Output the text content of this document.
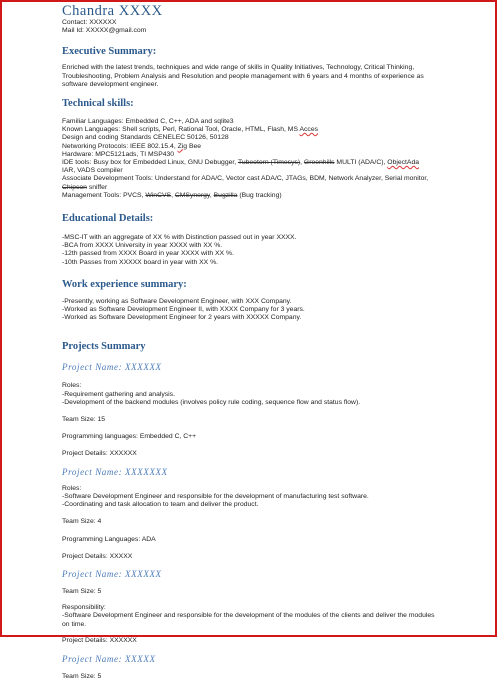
Chandra XXXX
Contact: XXXXXX
Mail Id: XXXXX@gmail.com
Executive Summary:
Enriched with the latest trends, techniques and wide range of skills in Quality Initiatives, Technology, Critical Thinking, Troubleshooting, Problem Analysis and Resolution and people management with 6 years and 4 months of experience as software development engineer.
Technical skills:
Familiar Languages: Embedded C, C++, ADA and sqlite3
Known Languages: Shell scripts, Perl, Rational Tool, Oracle, HTML, Flash, MS Acces
Design and coding Standards CENELEC 50126, 50128
Networking Protocols: IEEE 802.15.4, Zig Bee
Hardware: MPC5121ads, TI MSP430
IDE tools: Busy box for Embedded Linux, GNU Debugger, Tubeotorn (Timesys), Greenhills MULTI (ADA/C), ObjectAda
IAR, VADS compiler
Associate Development Tools: Understand for ADA/C, Vector cast ADA/C, JTAGs, BDM, Network Analyzer, Serial monitor,
Chipcon sniffer
Management Tools: PVCS, WinCVS, CMSynergy, Bugzilla (Bug tracking)
Educational Details:
-MSC-IT with an aggregate of XX % with Distinction passed out in year XXXX.
-BCA from XXXX University in year XXXX with XX %.
-12th passed from XXXX Board in year XXXX with XX %.
-10th Passes from XXXXX board in year with XX %.
Work experience summary:
-Presently, working as Software Development Engineer, with XXX Company.
-Worked as Software Development Engineer II, with XXXX Company for 3 years.
-Worked as Software Development Engineer for 2 years with XXXXX Company.
Projects Summary
Project Name: XXXXXX
Roles:
-Requirement gathering and analysis.
-Development of the backend modules (involves policy rule coding, sequence flow and status flow).
Team Size: 15
Programming languages: Embedded C, C++
Project Details: XXXXXX
Project Name: XXXXXXX
Roles:
-Software Development Engineer and responsible for the development of manufacturing test software.
-Coordinating and task allocation to team and deliver the product.
Team Size: 4
Programming Languages: ADA
Project Details: XXXXX
Project Name: XXXXXX
Team Size: 5
Responsibility:
-Software Development Engineer and responsible for the development of the modules of the clients and deliver the modules
on time.
Project Details: XXXXXX
Project Name: XXXXX
Team Size: 5
